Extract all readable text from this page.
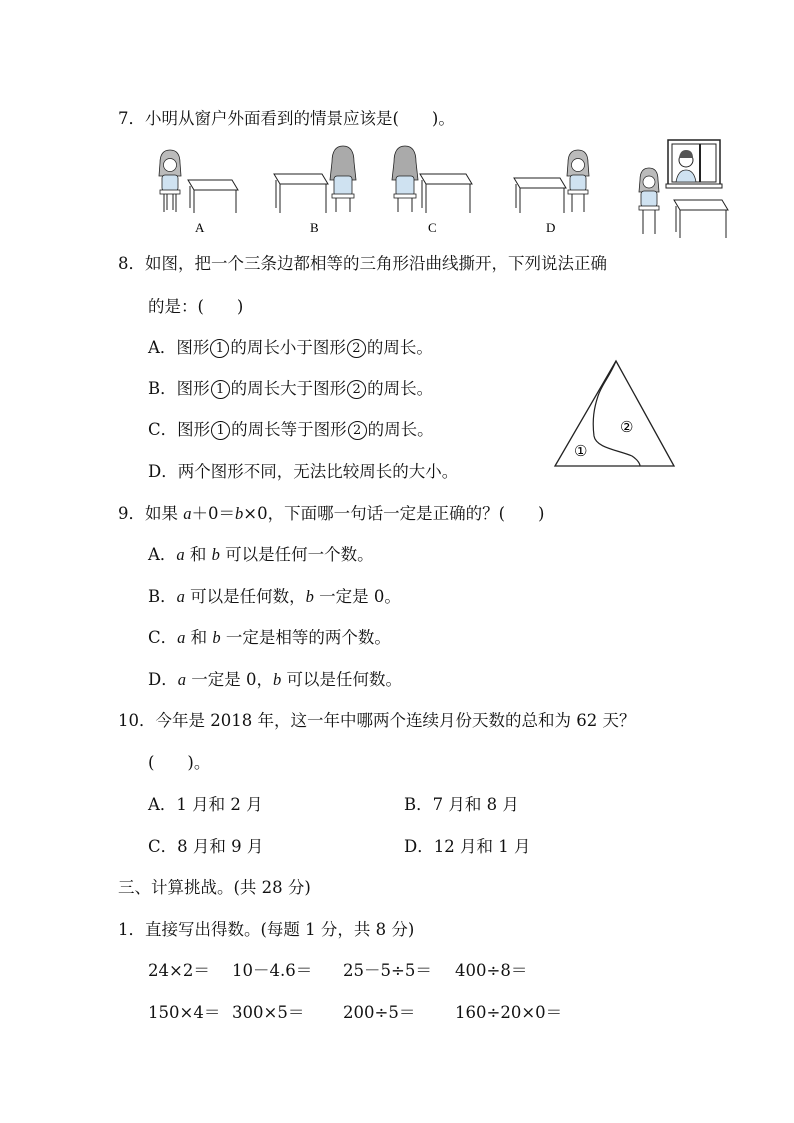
7．小明从窗户外面看到的情景应该是(　　)。
A	B	C	D
8．如图，把一个三条边都相等的三角形沿曲线撕开，下列说法正确
的是：(　　)
A．图形 1 的周长小于图形 2 的周长。
B．图形 1 的周长大于图形 2 的周长。
C．图形 1 的周长等于图形 2 的周长。
D．两个图形不同，无法比较周长的大小。
①
②
9．如果 a＋0＝b×0，下面哪一句话一定是正确的？(　　)
A．a 和 b 可以是任何一个数。
B．a 可以是任何数，b 一定是 0。
C．a 和 b 一定是相等的两个数。
D．a 一定是 0，b 可以是任何数。
10．今年是 2018 年，这一年中哪两个连续月份天数的总和为 62 天？
(　　)。
A．1 月和 2 月	B．7 月和 8 月
C．8 月和 9 月	D．12 月和 1 月
三、计算挑战。(共 28 分)
1．直接写出得数。(每题 1 分，共 8 分)
24×2＝ 10－4.6＝ 25－5÷5＝ 400÷8＝
150×4＝ 300×5＝ 200÷5＝ 160÷20×0＝
